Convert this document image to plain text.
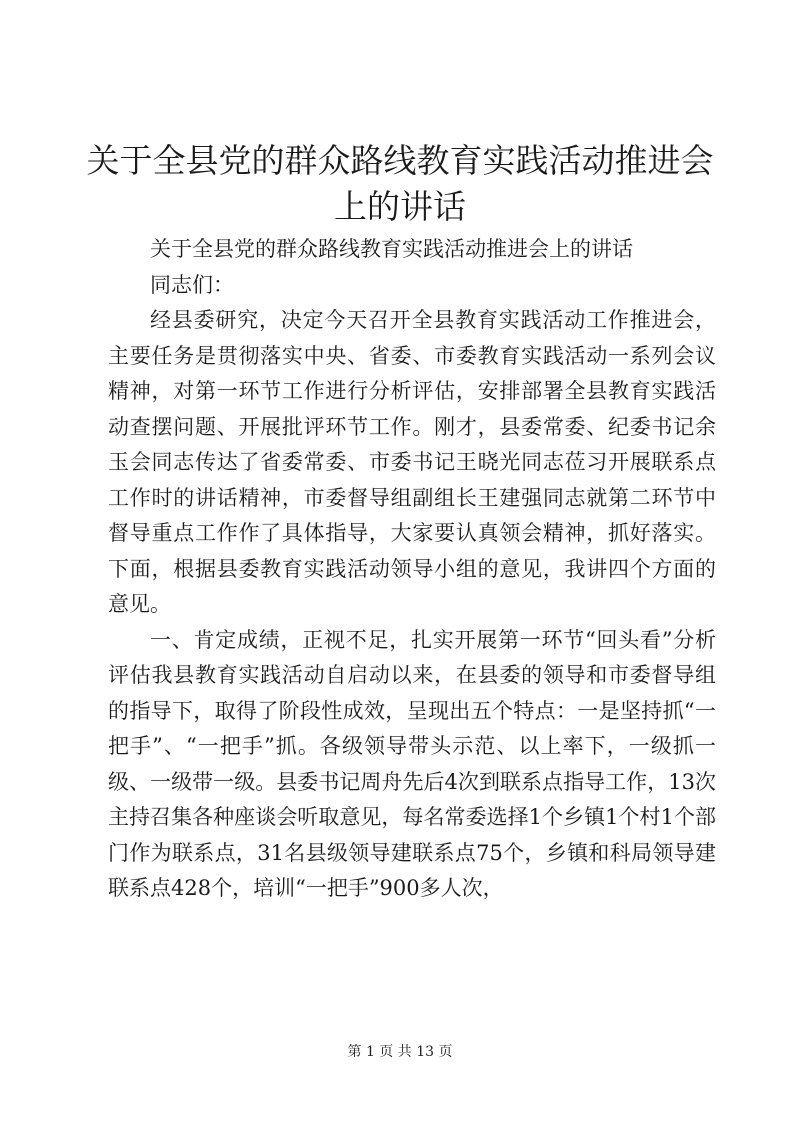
关于全县党的群众路线教育实践活动推进会上的讲话

关于全县党的群众路线教育实践活动推进会上的讲话

同志们：

经县委研究，决定今天召开全县教育实践活动工作推进会，主要任务是贯彻落实中央、省委、市委教育实践活动一系列会议精神，对第一环节工作进行分析评估，安排部署全县教育实践活动查摆问题、开展批评环节工作。刚才，县委常委、纪委书记余玉会同志传达了省委常委、市委书记王晓光同志莅习开展联系点工作时的讲话精神，市委督导组副组长王建强同志就第二环节中督导重点工作作了具体指导，大家要认真领会精神，抓好落实。下面，根据县委教育实践活动领导小组的意见，我讲四个方面的意见。

一、肯定成绩，正视不足，扎实开展第一环节“回头看”分析评估我县教育实践活动自启动以来，在县委的领导和市委督导组的指导下，取得了阶段性成效，呈现出五个特点：一是坚持抓“一把手”、“一把手”抓。各级领导带头示范、以上率下，一级抓一级、一级带一级。县委书记周舟先后4次到联系点指导工作，13次主持召集各种座谈会听取意见，每名常委选择1个乡镇1个村1个部门作为联系点，31名县级领导建联系点75个，乡镇和科局领导建联系点428个，培训“一把手”900多人次，

第 1 页 共 13 页
